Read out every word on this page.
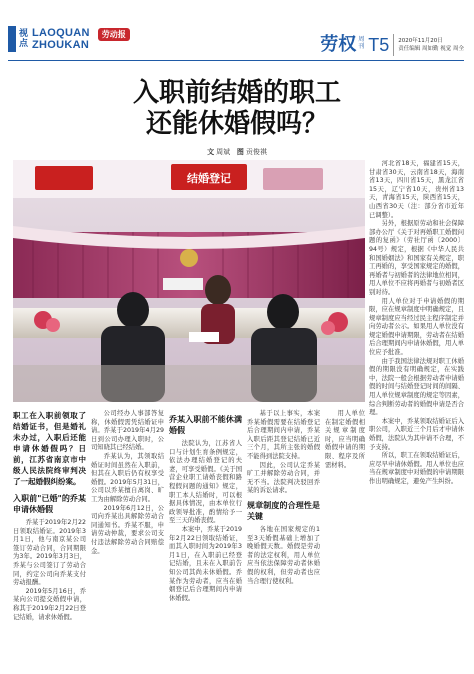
视点
LAOQUAN
ZHOUKAN
劳动报	劳权 周刊 T5	2020年11月20日
责任编辑 周如勤 视觉 周全
入职前结婚的职工
还能休婚假吗？
文 周斌 图 贡俊祺
结婚登记

河北省18天，福建省15天，甘肃省30天，云南省18天，海南省13天，四川省15天，黑龙江省15天，辽宁省10天，贵州省13天，青海省15天，陕西省15天，山西省30天（注：部分省市近年已调整）。

另外，根据原劳动和社会保障部办公厅《关于对再婚职工婚假问题的复函》（劳社厅函〔2000〕94号）规定，根据《中华人民共和国婚姻法》和国家有关规定，职工再婚的，享受国家规定的婚假，再婚者与初婚者的法律地位相同，用人单位不应将再婚者与初婚者区别对待。

用人单位对于申请婚假的期限，应在规章制度中明确规定，且规章制度应当经过民主程序制定并向劳动者公示。如果用人单位没有规定婚假申请期限，劳动者在结婚后合理期间内申请休婚假，用人单位应予批准。

由于我国法律法规对职工休婚假的期限没有明确规定，在实践中，法院一般会根据劳动者申请婚假的时间与结婚登记时间的间隔、用人单位规章制度的规定等因素，综合判断劳动者的婚假申请是否合理。

本案中，乔某领取结婚证后入职公司，入职近三个月后才申请休婚假，法院认为其申请不合理，不予支持。

所以，职工在领取结婚证后，应尽早申请休婚假。用人单位也应当在规章制度中对婚假的申请期限作出明确规定，避免产生纠纷。

职工在入职前领取了结婚证书，但是婚礼未办过，入职后还能申请休婚假吗？日前，江苏省南京市中级人民法院终审判决了一起婚假纠纷案。
入职前"已婚"的乔某申请休婚假

乔某于2019年2月22日领取结婚证。2019年3月1日，他与南京某公司签订劳动合同，合同期限为3年。2019年3月3日，乔某与公司签订了劳动合同，约定公司向乔某支付劳动报酬。

2019年5月16日，乔某向公司提交婚假申请，称其于2019年2月22日登记结婚，请求休婚假。

公司经办人事部答复称，休婚假需凭结婚证申请。乔某于2019年4月29日到公司办理入职时，公司知晓其已经结婚。

乔某认为，其领取结婚证时间虽然在入职前，但其在入职后仍有权享受婚假。2019年5月31日，公司以乔某擅自离岗、旷工为由解除劳动合同。

2019年6月12日，公司向乔某出具解除劳动合同通知书。乔某不服，申请劳动仲裁，要求公司支付违法解除劳动合同赔偿金。

乔某入职前不能休满婚假

法院认为，江苏省人口与计划生育条例规定，依法办理结婚登记的夫妻，可享受婚假。《关于国营企业职工请婚丧假和路程假问题的通知》规定，职工本人结婚时，可以根据具体情况，由本单位行政领导批准，酌情给予一至三天的婚丧假。

本案中，乔某于2019年2月22日领取结婚证，而其入职时间为2019年3月1日，在入职前已经登记结婚，且未在入职前告知公司其尚未休婚假。乔某作为劳动者，应当在婚姻登记后合理期间内申请休婚假。

基于以上事实，本案乔某婚假需要在结婚登记后合理期间内申请，乔某入职后距其登记结婚已近三个月，其所主张的婚假不能得到法院支持。

因此，公司认定乔某旷工并解除劳动合同，并无不当。法院判决驳回乔某的诉讼请求。

规章制度的合理性是关键

各地在国家规定的1至3天婚假基础上增加了晚婚假天数。婚假是劳动者的法定权利，用人单位应当依法保障劳动者休婚假的权利，但劳动者也应当合理行使权利。

用人单位在制定婚假相关规章制度时，应当明确婚假申请的期限、程序及所需材料。
